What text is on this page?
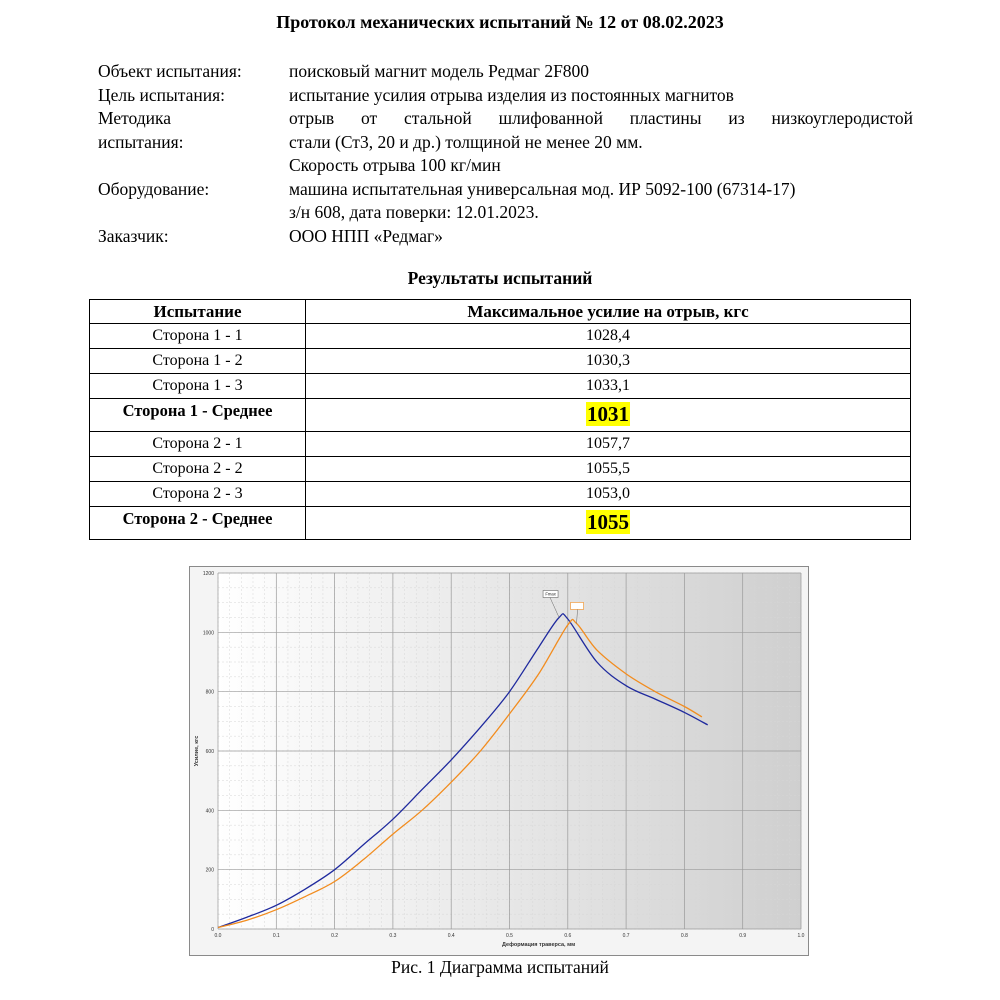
Протокол механических испытаний № 12 от 08.02.2023
Объект испытания:	поисковый магнит модель Редмаг 2F800
Цель испытания:	испытание усилия отрыва изделия из постоянных магнитов
Методика
испытания:
отрыв от стальной шлифованной пластины из низкоуглеродистой
стали (Ст3, 20 и др.) толщиной не менее 20 мм.
Скорость отрыва 100 кг/мин
Оборудование:	машина испытательная универсальная мод. ИР 5092-100 (67314-17)
з/н 608, дата поверки: 12.01.2023.
Заказчик:	ООО НПП «Редмаг»
Результаты испытаний
Испытание	Максимальное усилие на отрыв, кгс
Сторона 1 - 1	1028,4
Сторона 1 - 2	1030,3
Сторона 1 - 3	1033,1
Сторона 1 - Среднее	1031
Сторона 2 - 1	1057,7
Сторона 2 - 2	1055,5
Сторона 2 - 3	1053,0
Сторона 2 - Среднее	1055
0.0	0.1	0.2	0.3	0.4	0.5	0.6	0.7	0.8	0.9	1.0
0
200
400
600
800
1000
1200
Fmax
Деформация траверса, мм
Усилие, кгс
Рис. 1 Диаграмма испытаний
